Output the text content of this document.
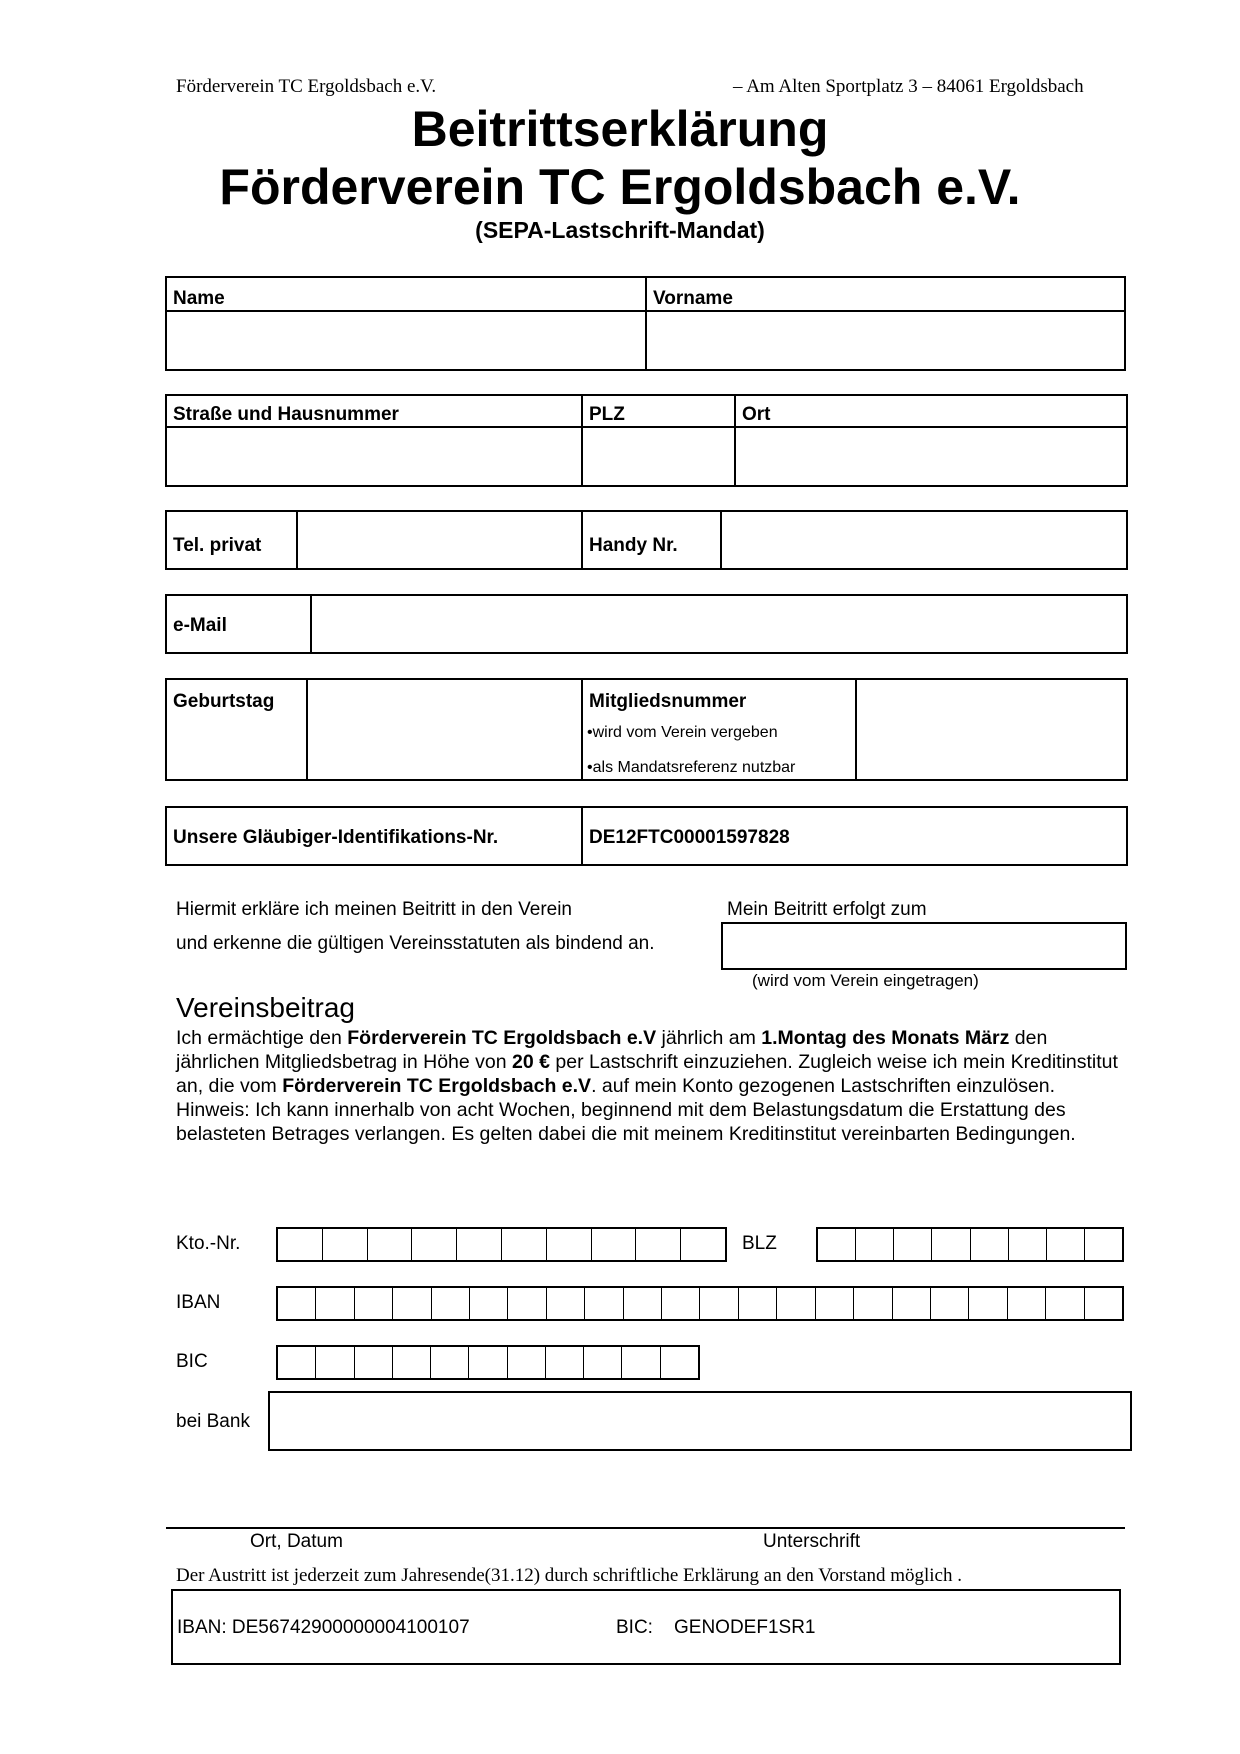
Förderverein TC Ergoldsbach e.V.	– Am Alten Sportplatz 3 – 84061 Ergoldsbach
Beitrittserklärung
Förderverein TC Ergoldsbach e.V.
(SEPA-Lastschrift-Mandat)
Name	Vorname
Straße und Hausnummer	PLZ	Ort
Tel. privat	Handy Nr.
e-Mail
Geburtstag	Mitgliedsnummer
•wird vom Verein vergeben
•als Mandatsreferenz nutzbar
Unsere Gläubiger-Identifikations-Nr.	DE12FTC00001597828
Hiermit erkläre ich meinen Beitritt in den Verein
und erkenne die gültigen Vereinsstatuten als bindend an.
Mein Beitritt erfolgt zum
(wird vom Verein eingetragen)
Vereinsbeitrag
Ich ermächtige den Förderverein TC Ergoldsbach e.V jährlich am 1.Montag des Monats März den jährlichen Mitgliedsbetrag in Höhe von 20 € per Lastschrift einzuziehen. Zugleich weise ich mein Kreditinstitut an, die vom Förderverein TC Ergoldsbach e.V. auf mein Konto gezogenen Lastschriften einzulösen.
Hinweis: Ich kann innerhalb von acht Wochen, beginnend mit dem Belastungsdatum die Erstattung des belasteten Betrages verlangen. Es gelten dabei die mit meinem Kreditinstitut vereinbarten Bedingungen.
Kto.-Nr.	BLZ
IBAN
BIC
bei Bank
Ort, Datum	Unterschrift
Der Austritt ist jederzeit zum Jahresende(31.12) durch schriftliche Erklärung an den Vorstand möglich .
IBAN: DE56742900000004100107	BIC: GENODEF1SR1
